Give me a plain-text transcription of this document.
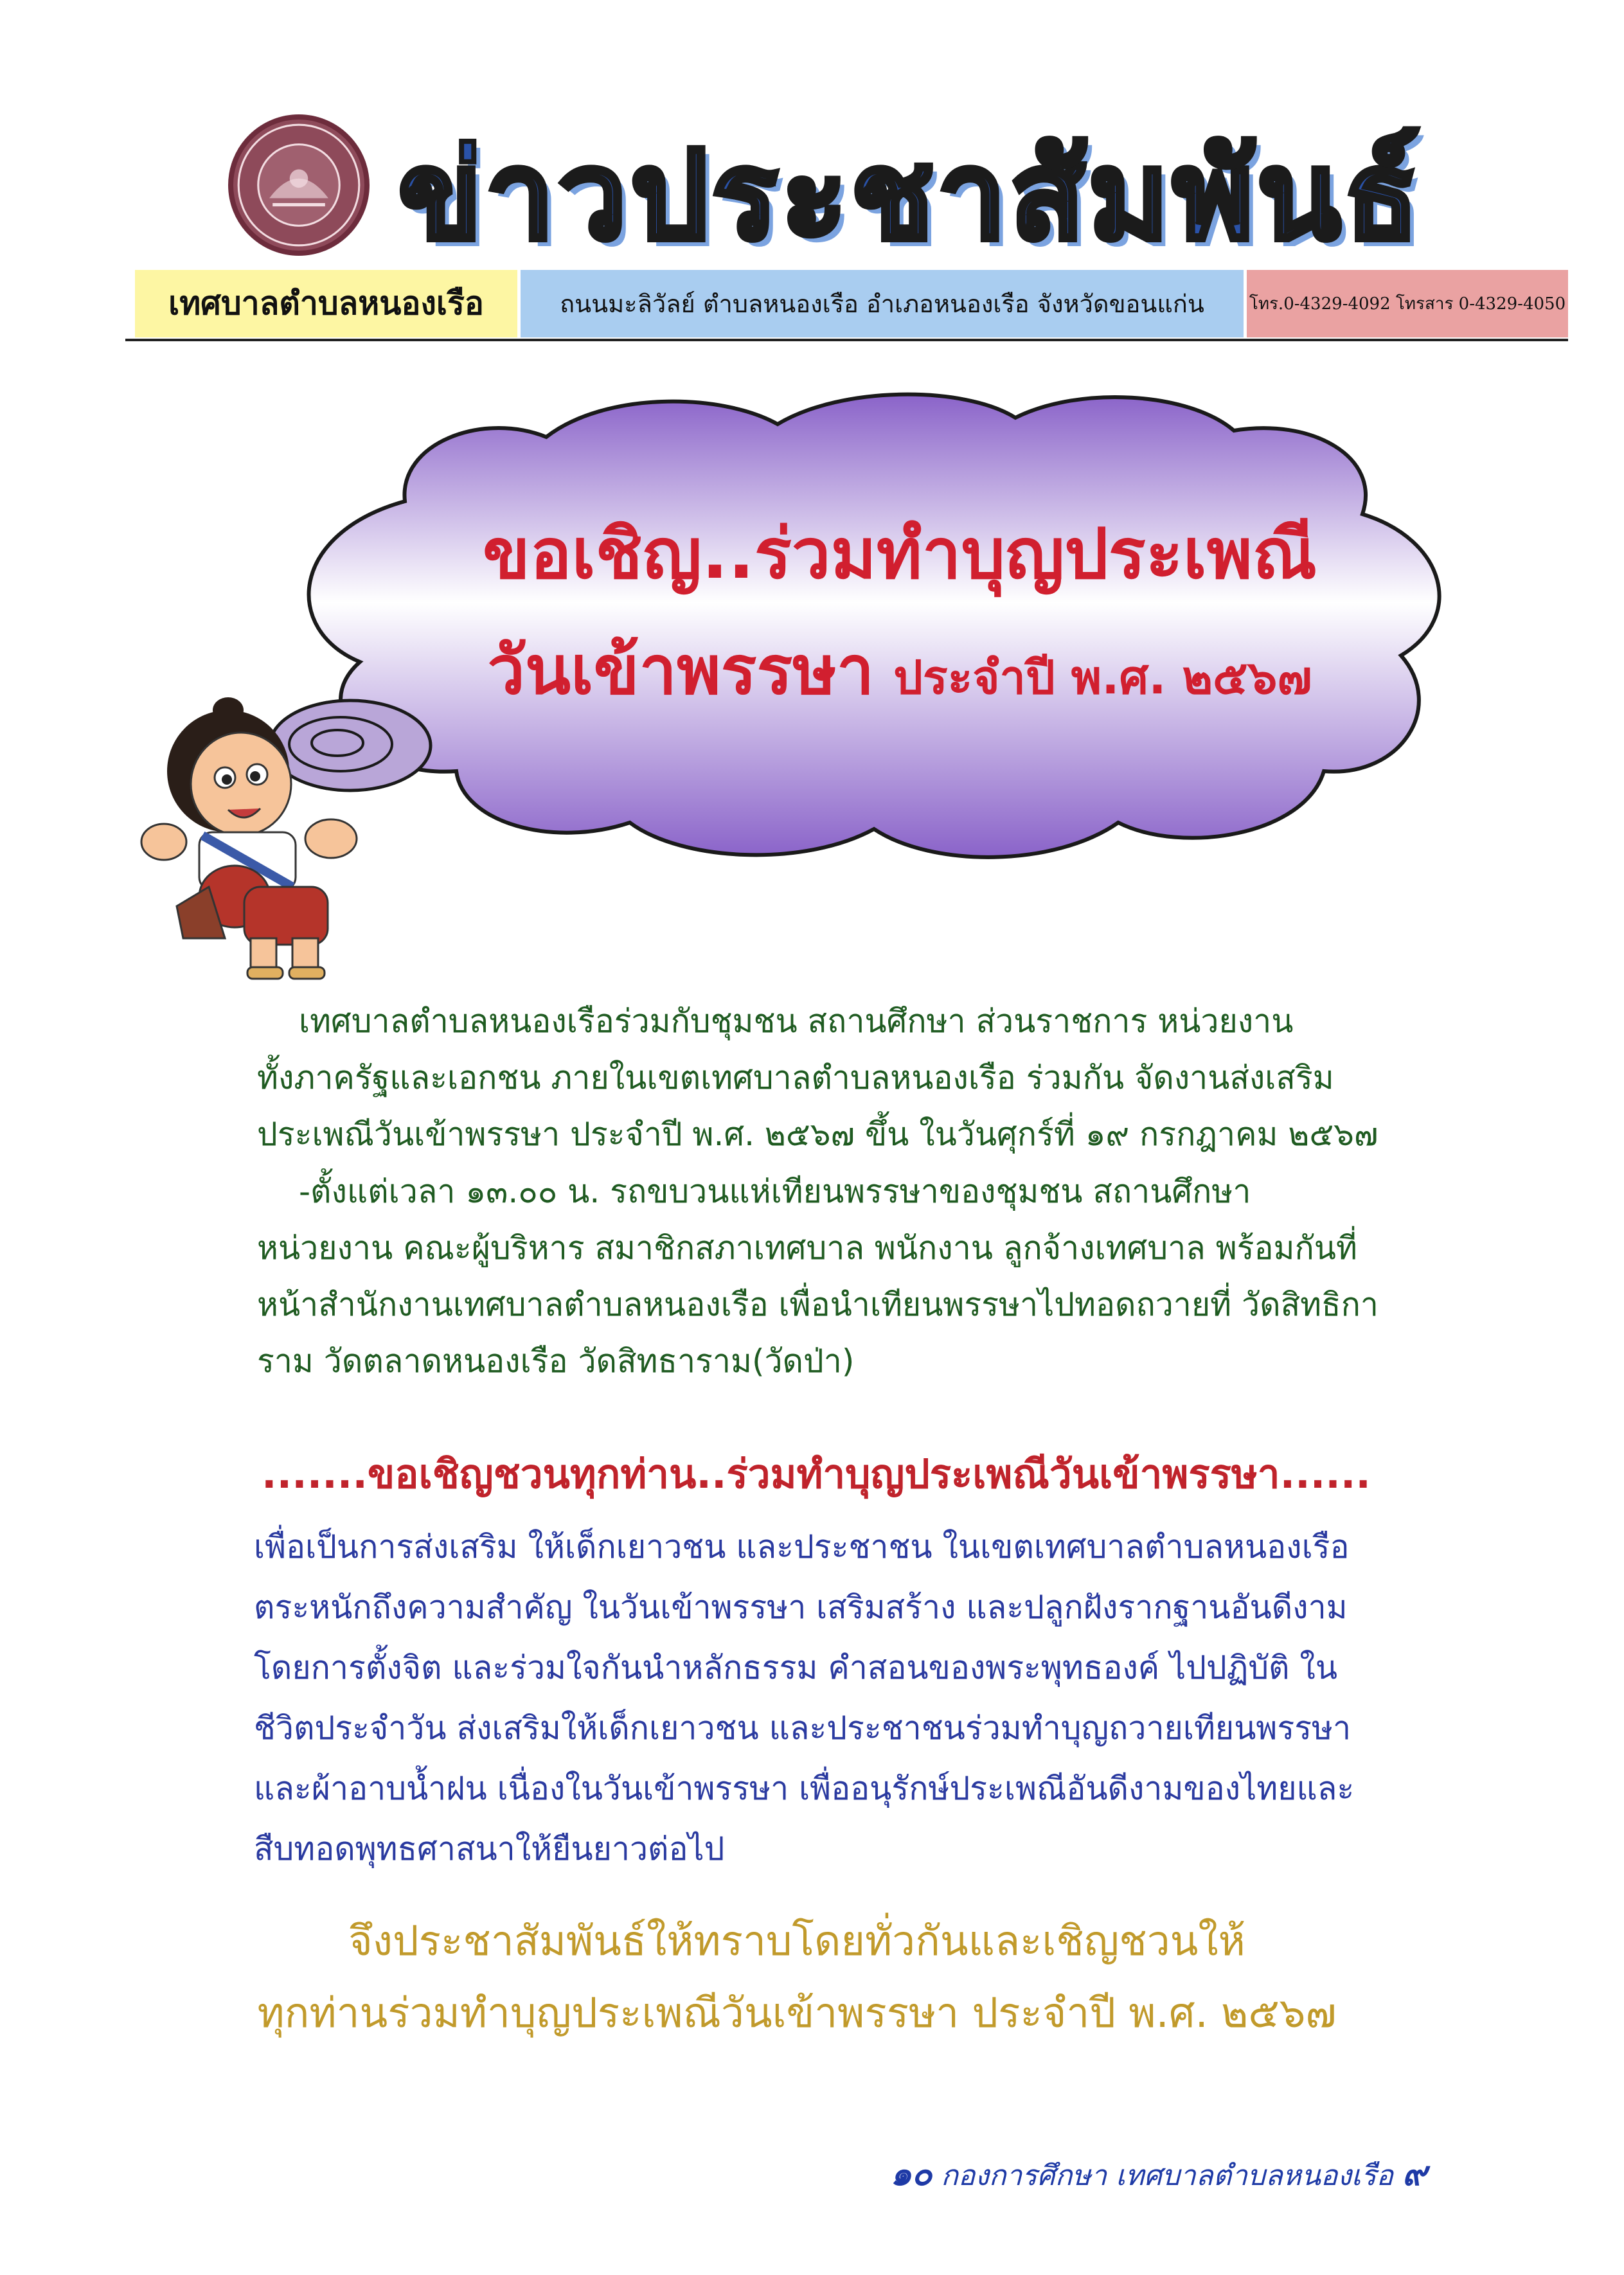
ข่าวประชาสัมพันธ์
เทศบาลตำบลหนองเรือ	ถนนมะลิวัลย์ ตำบลหนองเรือ อำเภอหนองเรือ จังหวัดขอนแก่น	โทร.0-4329-4092 โทรสาร 0-4329-4050
ขอเชิญ..ร่วมทำบุญประเพณี
วันเข้าพรรษา ประจำปี พ.ศ. ๒๕๖๗
เทศบาลตำบลหนองเรือร่วมกับชุมชน สถานศึกษา ส่วนราชการ หน่วยงาน
ทั้งภาครัฐและเอกชน ภายในเขตเทศบาลตำบลหนองเรือ ร่วมกัน จัดงานส่งเสริม
ประเพณีวันเข้าพรรษา ประจำปี พ.ศ. ๒๕๖๗ ขึ้น ในวันศุกร์ที่ ๑๙ กรกฎาคม ๒๕๖๗
-ตั้งแต่เวลา ๑๓.๐๐ น. รถขบวนแห่เทียนพรรษาของชุมชน สถานศึกษา
หน่วยงาน คณะผู้บริหาร สมาชิกสภาเทศบาล พนักงาน ลูกจ้างเทศบาล พร้อมกันที่
หน้าสำนักงานเทศบาลตำบลหนองเรือ เพื่อนำเทียนพรรษาไปทอดถวายที่ วัดสิทธิกา
ราม วัดตลาดหนองเรือ วัดสิทธาราม(วัดป่า)
.......ขอเชิญชวนทุกท่าน..ร่วมทำบุญประเพณีวันเข้าพรรษา......
เพื่อเป็นการส่งเสริม ให้เด็กเยาวชน และประชาชน ในเขตเทศบาลตำบลหนองเรือ
ตระหนักถึงความสำคัญ ในวันเข้าพรรษา เสริมสร้าง และปลูกฝังรากฐานอันดีงาม
โดยการตั้งจิต และร่วมใจกันนำหลักธรรม คำสอนของพระพุทธองค์ ไปปฏิบัติ ใน
ชีวิตประจำวัน ส่งเสริมให้เด็กเยาวชน และประชาชนร่วมทำบุญถวายเทียนพรรษา
และผ้าอาบน้ำฝน เนื่องในวันเข้าพรรษา เพื่ออนุรักษ์ประเพณีอันดีงามของไทยและ
สืบทอดพุทธศาสนาให้ยืนยาวต่อไป
จึงประชาสัมพันธ์ให้ทราบโดยทั่วกันและเชิญชวนให้
ทุกท่านร่วมทำบุญประเพณีวันเข้าพรรษา ประจำปี พ.ศ. ๒๕๖๗
๑๐ กองการศึกษา เทศบาลตำบลหนองเรือ ๙
